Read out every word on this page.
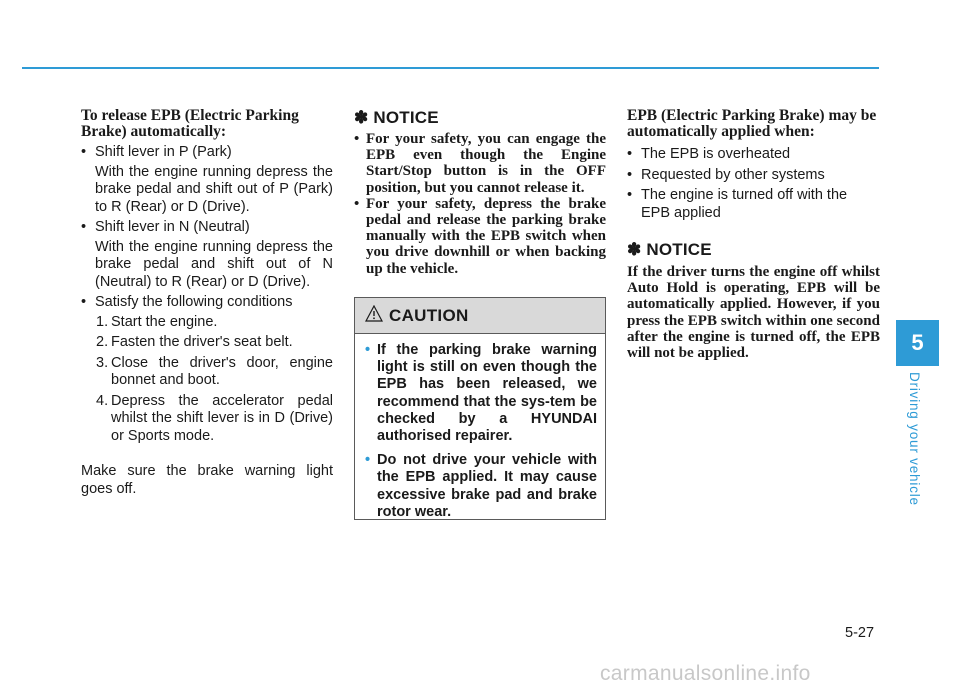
To release EPB (Electric Parking Brake) automatically:
• Shift lever in P (Park)
With the engine running depress the brake pedal and shift out of P (Park) to R (Rear) or D (Drive).
• Shift lever in N (Neutral)
With the engine running depress the brake pedal and shift out of N (Neutral) to R (Rear) or D (Drive).
• Satisfy the following conditions
1. Start the engine.
2. Fasten the driver's seat belt.
3. Close the driver's door, engine bonnet and boot.
4. Depress the accelerator pedal whilst the shift lever is in D (Drive) or Sports mode.
Make sure the brake warning light goes off.
✽ NOTICE
• For your safety, you can engage the EPB even though the Engine Start/Stop button is in the OFF position, but you cannot release it.
• For your safety, depress the brake pedal and release the parking brake manually with the EPB switch when you drive downhill or when backing up the vehicle.
CAUTION
• If the parking brake warning light is still on even though the EPB has been released, we recommend that the sys-tem be checked by a HYUNDAI authorised repairer.
• Do not drive your vehicle with the EPB applied. It may cause excessive brake pad and brake rotor wear.
EPB (Electric Parking Brake) may be automatically applied when:
• The EPB is overheated
• Requested by other systems
• The engine is turned off with the EPB applied
✽ NOTICE
If the driver turns the engine off whilst Auto Hold is operating, EPB will be automatically applied. However, if you press the EPB switch within one second after the engine is turned off, the EPB will not be applied.	5
Driving your vehicle
5-27
carmanualsonline.info
